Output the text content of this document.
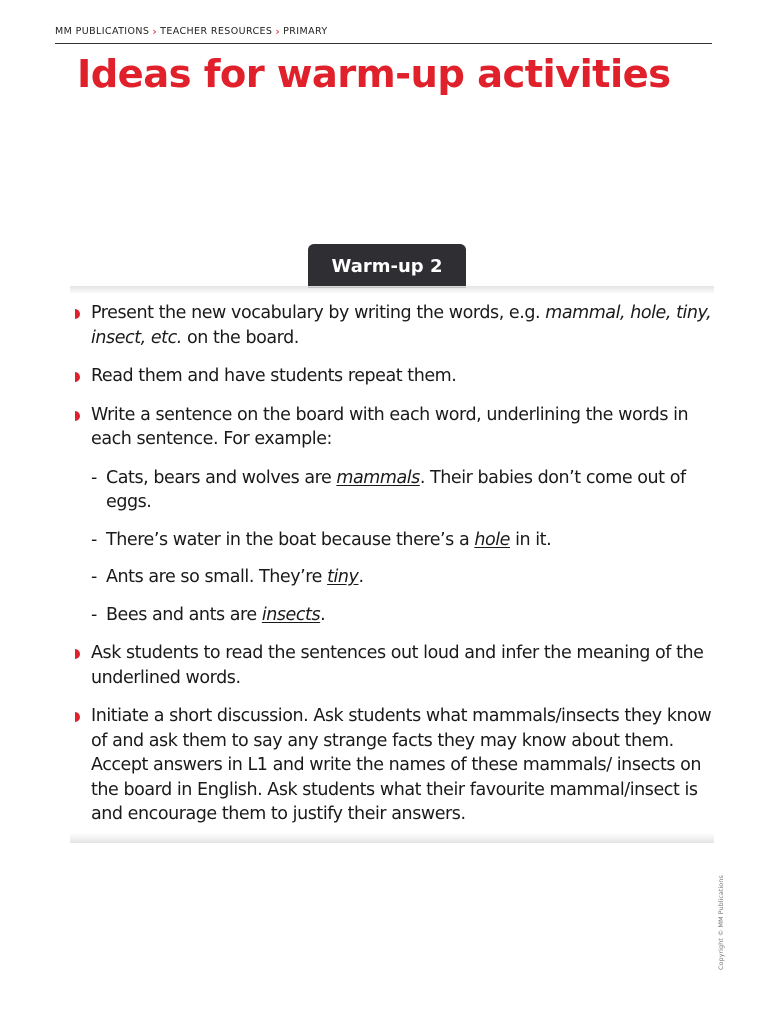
MM PUBLICATIONS › TEACHER RESOURCES › PRIMARY
Ideas for warm-up activities
Warm-up 2
Present the new vocabulary by writing the words, e.g. mammal, hole, tiny, insect, etc. on the board.
Read them and have students repeat them.
Write a sentence on the board with each word, underlining the words in each sentence. For example:
- Cats, bears and wolves are mammals. Their babies don’t come out of eggs.
- There’s water in the boat because there’s a hole in it.
- Ants are so small. They’re tiny.
- Bees and ants are insects.
Ask students to read the sentences out loud and infer the meaning of the underlined words.
Initiate a short discussion. Ask students what mammals/insects they know of and ask them to say any strange facts they may know about them. Accept answers in L1 and write the names of these mammals/ insects on the board in English. Ask students what their favourite mammal/insect is and encourage them to justify their answers.
Copyright © MM Publications
